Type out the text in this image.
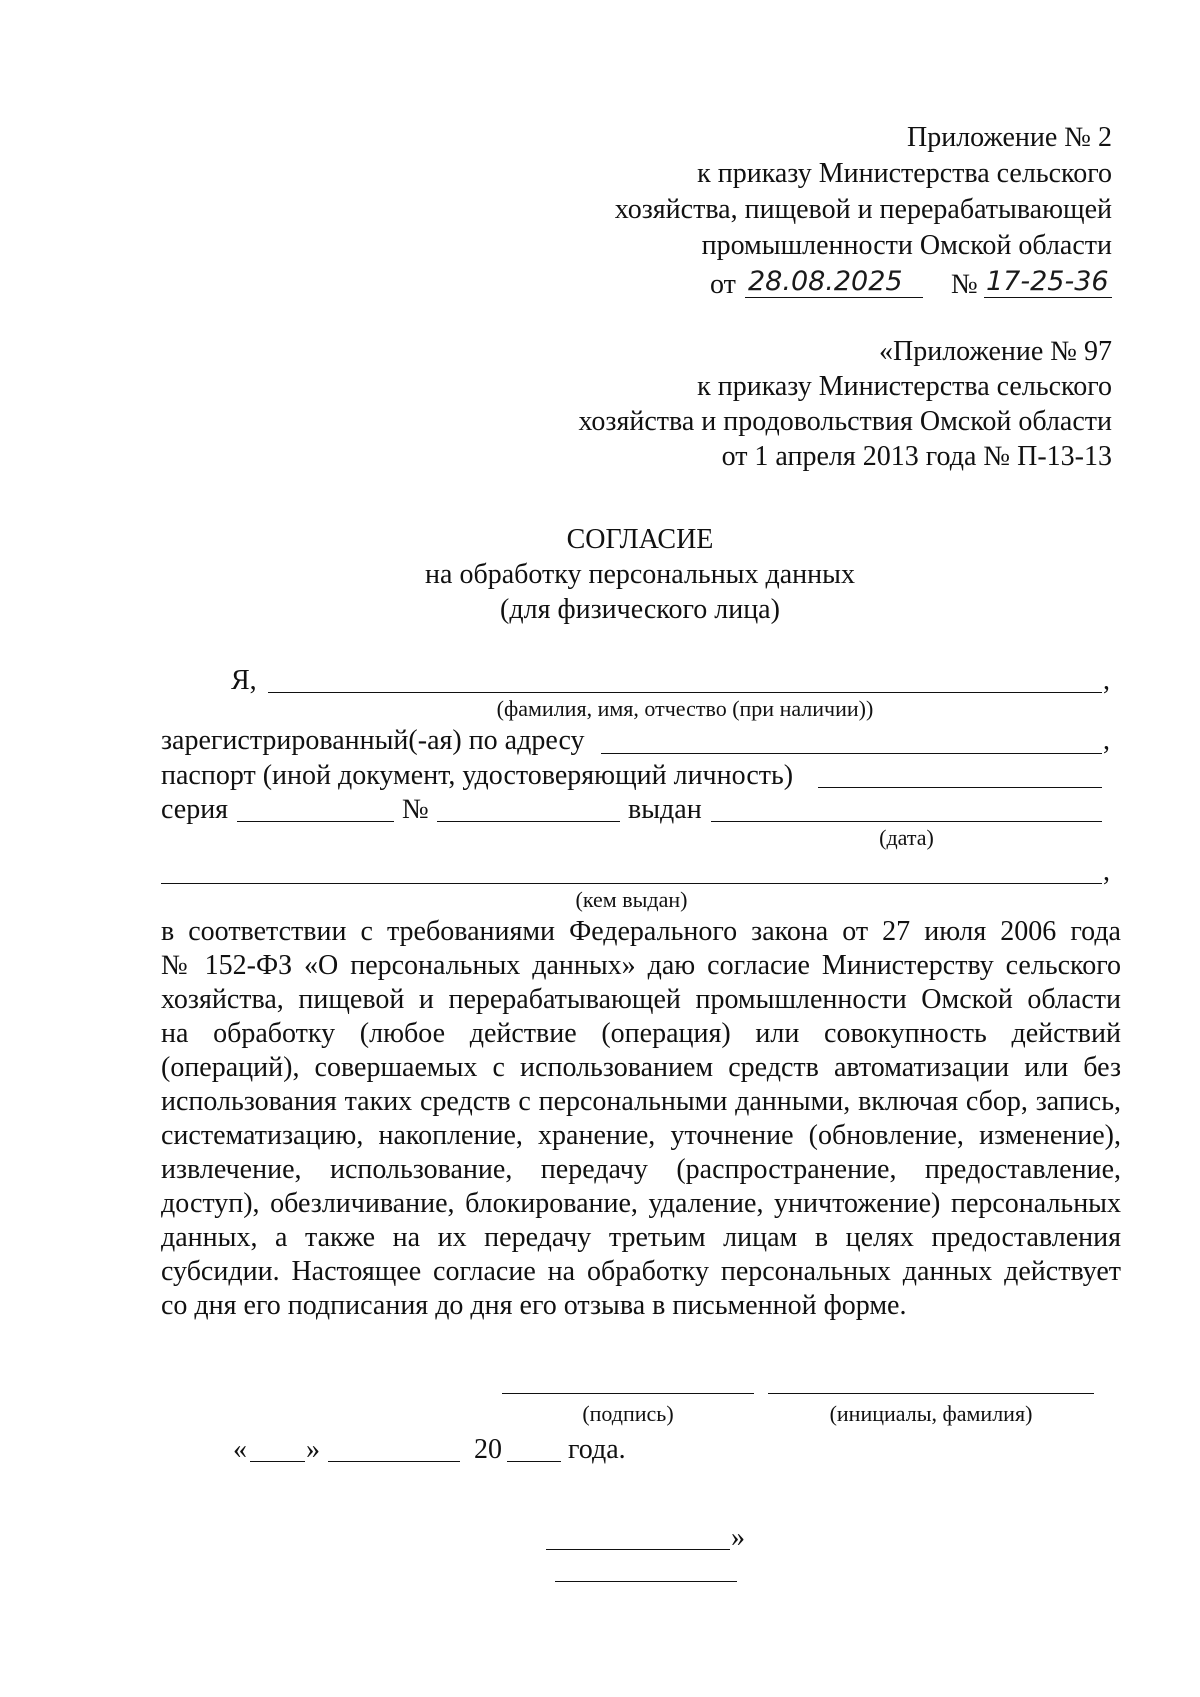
Приложение № 2
к приказу Министерства сельского
хозяйства, пищевой и перерабатывающей
промышленности Омской области
от 28.08.2025 № 17-25-36
«Приложение № 97
к приказу Министерства сельского
хозяйства и продовольствия Омской области
от 1 апреля 2013 года № П-13-13
СОГЛАСИЕ
на обработку персональных данных
(для физического лица)
Я,	,
(фамилия, имя, отчество (при наличии))
зарегистрированный(-ая) по адресу	,
паспорт (иной документ, удостоверяющий личность)
серия	№	выдан
(дата)
,
(кем выдан)
в соответствии с требованиями Федерального закона от 27 июля 2006 года
№ 152-ФЗ «О персональных данных» даю согласие Министерству сельского
хозяйства, пищевой и перерабатывающей промышленности Омской области
на обработку (любое действие (операция) или совокупность действий
(операций), совершаемых с использованием средств автоматизации или без
использования таких средств с персональными данными, включая сбор, запись,
систематизацию, накопление, хранение, уточнение (обновление, изменение),
извлечение, использование, передачу (распространение, предоставление,
доступ), обезличивание, блокирование, удаление, уничтожение) персональных
данных, а также на их передачу третьим лицам в целях предоставления
субсидии. Настоящее согласие на обработку персональных данных действует
со дня его подписания до дня его отзыва в письменной форме.
(подпись)	(инициалы, фамилия)
« »	20 года.
»
